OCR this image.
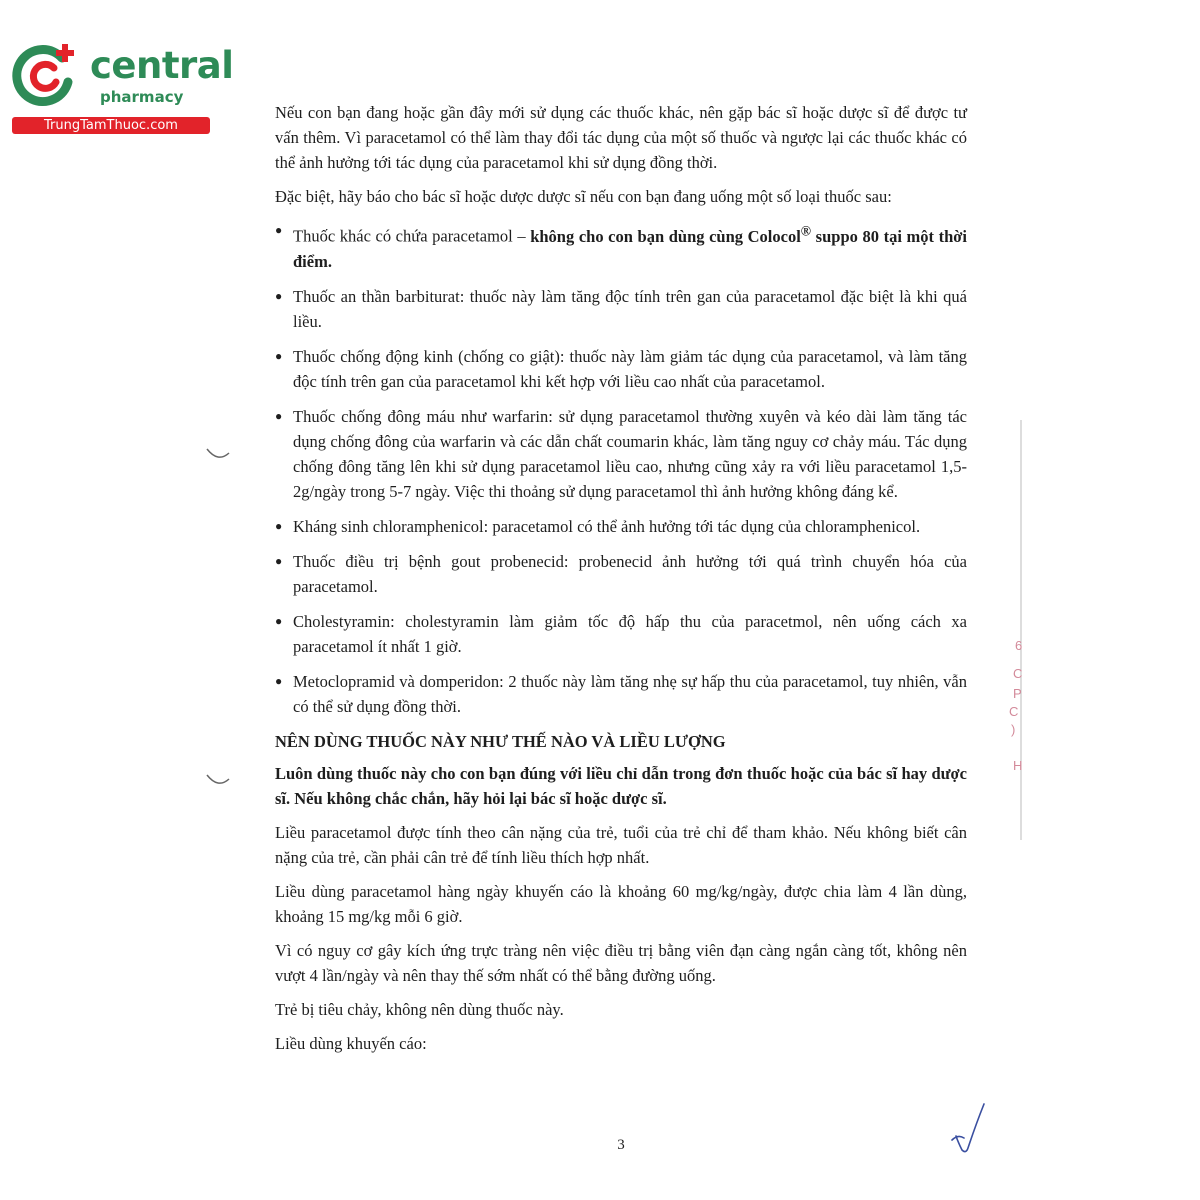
central
pharmacy
TrungTamThuoc.com

Nếu con bạn đang hoặc gần đây mới sử dụng các thuốc khác, nên gặp bác sĩ hoặc dược sĩ để được tư vấn thêm. Vì paracetamol có thể làm thay đổi tác dụng của một số thuốc và ngược lại các thuốc khác có thể ảnh hưởng tới tác dụng của paracetamol khi sử dụng đồng thời.

Đặc biệt, hãy báo cho bác sĩ hoặc dược dược sĩ nếu con bạn đang uống một số loại thuốc sau:

● Thuốc khác có chứa paracetamol – không cho con bạn dùng cùng Colocol® suppo 80 tại một thời điểm.
● Thuốc an thần barbiturat: thuốc này làm tăng độc tính trên gan của paracetamol đặc biệt là khi quá liều.
● Thuốc chống động kinh (chống co giật): thuốc này làm giảm tác dụng của paracetamol, và làm tăng độc tính trên gan của paracetamol khi kết hợp với liều cao nhất của paracetamol.
● Thuốc chống đông máu như warfarin: sử dụng paracetamol thường xuyên và kéo dài làm tăng tác dụng chống đông của warfarin và các dẫn chất coumarin khác, làm tăng nguy cơ chảy máu. Tác dụng chống đông tăng lên khi sử dụng paracetamol liều cao, nhưng cũng xảy ra với liều paracetamol 1,5-2g/ngày trong 5-7 ngày. Việc thi thoảng sử dụng paracetamol thì ảnh hưởng không đáng kể.
● Kháng sinh chloramphenicol: paracetamol có thể ảnh hưởng tới tác dụng của chloramphenicol.
● Thuốc điều trị bệnh gout probenecid: probenecid ảnh hưởng tới quá trình chuyển hóa của paracetamol.
● Cholestyramin: cholestyramin làm giảm tốc độ hấp thu của paracetmol, nên uống cách xa paracetamol ít nhất 1 giờ.
● Metoclopramid và domperidon: 2 thuốc này làm tăng nhẹ sự hấp thu của paracetamol, tuy nhiên, vẫn có thể sử dụng đồng thời.
NÊN DÙNG THUỐC NÀY NHƯ THẾ NÀO VÀ LIỀU LƯỢNG

Luôn dùng thuốc này cho con bạn đúng với liều chỉ dẫn trong đơn thuốc hoặc của bác sĩ hay dược sĩ. Nếu không chắc chắn, hãy hỏi lại bác sĩ hoặc dược sĩ.

Liều paracetamol được tính theo cân nặng của trẻ, tuổi của trẻ chỉ để tham khảo. Nếu không biết cân nặng của trẻ, cần phải cân trẻ để tính liều thích hợp nhất.

Liều dùng paracetamol hàng ngày khuyến cáo là khoảng 60 mg/kg/ngày, được chia làm 4 lần dùng, khoảng 15 mg/kg mỗi 6 giờ.

Vì có nguy cơ gây kích ứng trực tràng nên việc điều trị bằng viên đạn càng ngắn càng tốt, không nên vượt 4 lần/ngày và nên thay thế sớm nhất có thể bằng đường uống.

Trẻ bị tiêu chảy, không nên dùng thuốc này.

Liều dùng khuyến cáo:

3
6
C
P
C
)
H
